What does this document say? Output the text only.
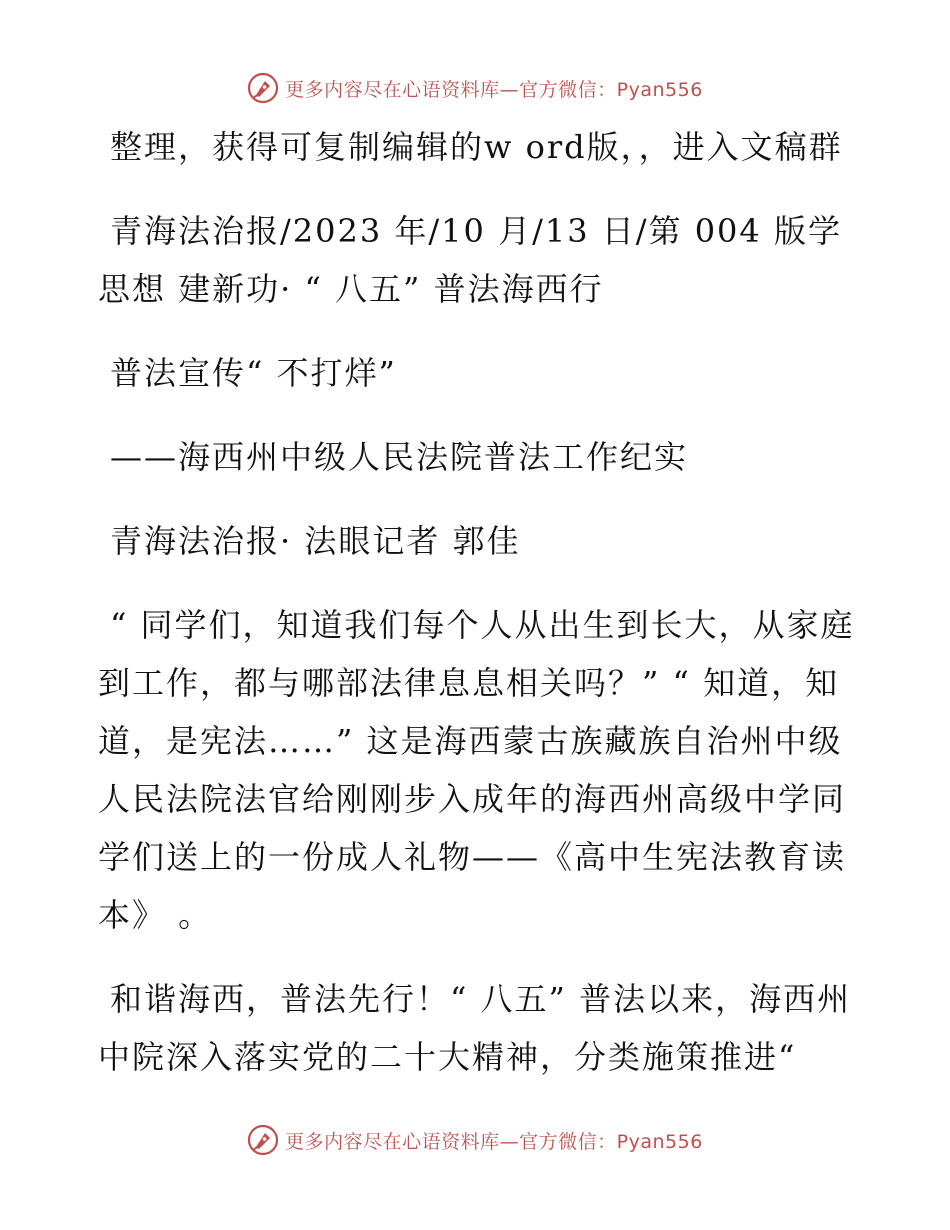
更多内容尽在心语资料库—官方微信：Pyan556

整理，获得可复制编辑的w ord版，，进入文稿群

青海法治报/2023 年/10 月/13 日/第 004 版学思想 建新功· “ 八五” 普法海西行

普法宣传“ 不打烊”

——海西州中级人民法院普法工作纪实

青海法治报· 法眼记者 郭佳

“ 同学们，知道我们每个人从出生到长大，从家庭到工作，都与哪部法律息息相关吗？” “ 知道，知道，是宪法……” 这是海西蒙古族藏族自治州中级人民法院法官给刚刚步入成年的海西州高级中学同学们送上的一份成人礼物——《高中生宪法教育读本》 。

和谐海西，普法先行！“ 八五” 普法以来，海西州中院深入落实党的二十大精神，分类施策推进“

更多内容尽在心语资料库—官方微信：Pyan556
